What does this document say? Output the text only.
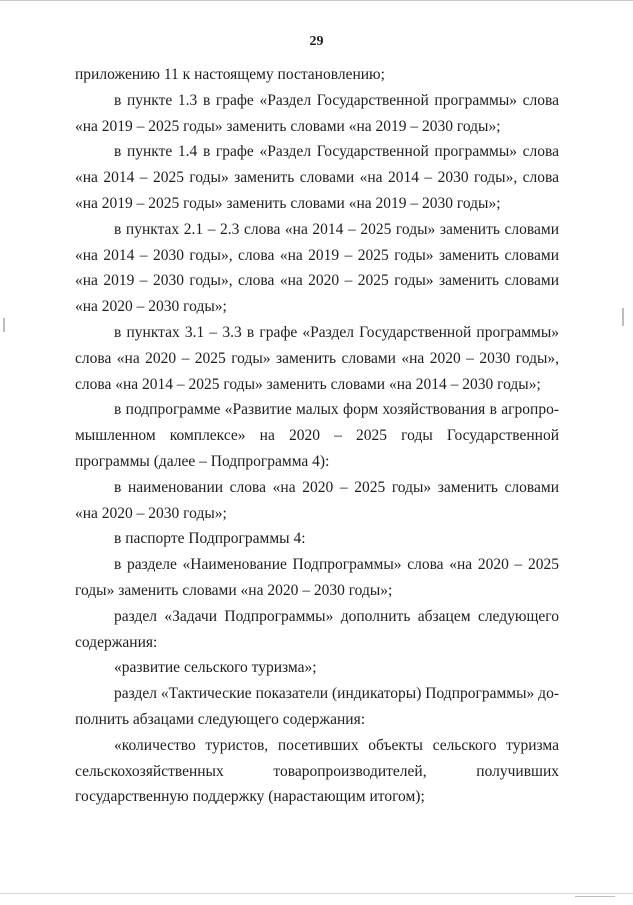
29

приложению 11 к настоящему постановлению;

в пункте 1.3 в графе «Раздел Государственной программы» слова «на 2019 – 2025 годы» заменить словами «на 2019 – 2030 годы»;

в пункте 1.4 в графе «Раздел Государственной программы» слова «на 2014 – 2025 годы» заменить словами «на 2014 – 2030 годы», слова «на 2019 – 2025 годы» заменить словами «на 2019 – 2030 годы»;

в пунктах 2.1 – 2.3 слова «на 2014 – 2025 годы» заменить словами «на 2014 – 2030 годы», слова «на 2019 – 2025 годы» заменить словами «на 2019 – 2030 годы», слова «на 2020 – 2025 годы» заменить словами «на 2020 – 2030 годы»;

в пунктах 3.1 – 3.3 в графе «Раздел Государственной программы» слова «на 2020 – 2025 годы» заменить словами «на 2020 – 2030 годы», слова «на 2014 – 2025 годы» заменить словами «на 2014 – 2030 годы»;

в подпрограмме «Развитие малых форм хозяйствования в агропромышленном комплексе» на 2020 – 2025 годы Государственной программы (далее – Подпрограмма 4):

в наименовании слова «на 2020 – 2025 годы» заменить словами «на 2020 – 2030 годы»;

в паспорте Подпрограммы 4:

в разделе «Наименование Подпрограммы» слова «на 2020 – 2025 годы» заменить словами «на 2020 – 2030 годы»;

раздел «Задачи Подпрограммы» дополнить абзацем следующего содержания:

«развитие сельского туризма»;

раздел «Тактические показатели (индикаторы) Подпрограммы» дополнить абзацами следующего содержания:

«количество туристов, посетивших объекты сельского туризма сельскохозяйственных товаропроизводителей, получивших государственную поддержку (нарастающим итогом);
